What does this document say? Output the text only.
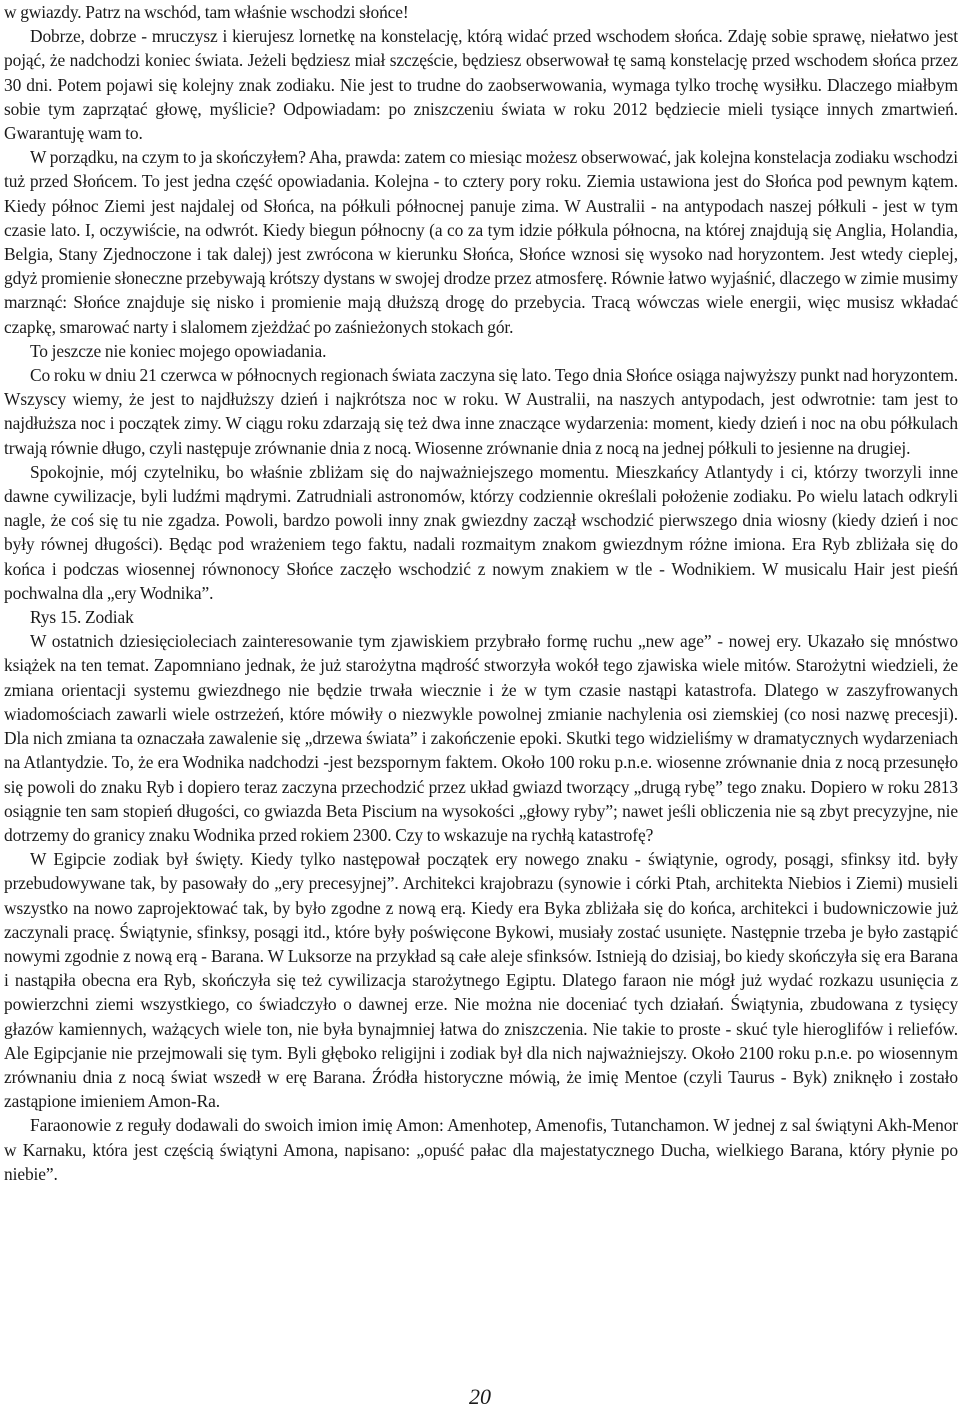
w gwiazdy. Patrz na wschód, tam właśnie wschodzi słońce!

Dobrze, dobrze - mruczysz i kierujesz lornetkę na konstelację, którą widać przed wschodem słońca. Zdaję sobie sprawę, niełatwo jest pojąć, że nadchodzi koniec świata. Jeżeli będziesz miał szczęście, będziesz obserwował tę samą konstelację przed wschodem słońca przez 30 dni. Potem pojawi się kolejny znak zodiaku. Nie jest to trudne do zaobserwowania, wymaga tylko trochę wysiłku. Dlaczego miałbym sobie tym zaprzątać głowę, myślicie? Odpowiadam: po zniszczeniu świata w roku 2012 będziecie mieli tysiące innych zmartwień. Gwarantuję wam to.

W porządku, na czym to ja skończyłem? Aha, prawda: zatem co miesiąc możesz obserwować, jak kolejna konstelacja zodiaku wschodzi tuż przed Słońcem. To jest jedna część opowiadania. Kolejna - to cztery pory roku. Ziemia ustawiona jest do Słońca pod pewnym kątem. Kiedy północ Ziemi jest najdalej od Słońca, na półkuli północnej panuje zima. W Australii - na antypodach naszej półkuli - jest w tym czasie lato. I, oczywiście, na odwrót. Kiedy biegun północny (a co za tym idzie półkula północna, na której znajdują się Anglia, Holandia, Belgia, Stany Zjednoczone i tak dalej) jest zwrócona w kierunku Słońca, Słońce wznosi się wysoko nad horyzontem. Jest wtedy cieplej, gdyż promienie słoneczne przebywają krótszy dystans w swojej drodze przez atmosferę. Równie łatwo wyjaśnić, dlaczego w zimie musimy marznąć: Słońce znajduje się nisko i promienie mają dłuższą drogę do przebycia. Tracą wówczas wiele energii, więc musisz wkładać czapkę, smarować narty i slalomem zjeżdżać po zaśnieżonych stokach gór.

To jeszcze nie koniec mojego opowiadania.

Co roku w dniu 21 czerwca w północnych regionach świata zaczyna się lato. Tego dnia Słońce osiąga najwyższy punkt nad horyzontem. Wszyscy wiemy, że jest to najdłuższy dzień i najkrótsza noc w roku. W Australii, na naszych antypodach, jest odwrotnie: tam jest to najdłuższa noc i początek zimy. W ciągu roku zdarzają się też dwa inne znaczące wydarzenia: moment, kiedy dzień i noc na obu półkulach trwają równie długo, czyli następuje zrównanie dnia z nocą. Wiosenne zrównanie dnia z nocą na jednej półkuli to jesienne na drugiej.

Spokojnie, mój czytelniku, bo właśnie zbliżam się do najważniejszego momentu. Mieszkańcy Atlantydy i ci, którzy tworzyli inne dawne cywilizacje, byli ludźmi mądrymi. Zatrudniali astronomów, którzy codziennie określali położenie zodiaku. Po wielu latach odkryli nagle, że coś się tu nie zgadza. Powoli, bardzo powoli inny znak gwiezdny zaczął wschodzić pierwszego dnia wiosny (kiedy dzień i noc były równej długości). Będąc pod wrażeniem tego faktu, nadali rozmaitym znakom gwiezdnym różne imiona. Era Ryb zbliżała się do końca i podczas wiosennej równonocy Słońce zaczęło wschodzić z nowym znakiem w tle - Wodnikiem. W musicalu Hair jest pieśń pochwalna dla „ery Wodnika”.

Rys 15. Zodiak

W ostatnich dziesięcioleciach zainteresowanie tym zjawiskiem przybrało formę ruchu „new age” - nowej ery. Ukazało się mnóstwo książek na ten temat. Zapomniano jednak, że już starożytna mądrość stworzyła wokół tego zjawiska wiele mitów. Starożytni wiedzieli, że zmiana orientacji systemu gwiezdnego nie będzie trwała wiecznie i że w tym czasie nastąpi katastrofa. Dlatego w zaszyfrowanych wiadomościach zawarli wiele ostrzeżeń, które mówiły o niezwykle powolnej zmianie nachylenia osi ziemskiej (co nosi nazwę precesji). Dla nich zmiana ta oznaczała zawalenie się „drzewa świata” i zakończenie epoki. Skutki tego widzieliśmy w dramatycznych wydarzeniach na Atlantydzie. To, że era Wodnika nadchodzi -jest bezspornym faktem. Około 100 roku p.n.e. wiosenne zrównanie dnia z nocą przesunęło się powoli do znaku Ryb i dopiero teraz zaczyna przechodzić przez układ gwiazd tworzący „drugą rybę” tego znaku. Dopiero w roku 2813 osiągnie ten sam stopień długości, co gwiazda Beta Piscium na wysokości „głowy ryby”; nawet jeśli obliczenia nie są zbyt precyzyjne, nie dotrzemy do granicy znaku Wodnika przed rokiem 2300. Czy to wskazuje na rychłą katastrofę?

W Egipcie zodiak był święty. Kiedy tylko następował początek ery nowego znaku - świątynie, ogrody, posągi, sfinksy itd. były przebudowywane tak, by pasowały do „ery precesyjnej”. Architekci krajobrazu (synowie i córki Ptah, architekta Niebios i Ziemi) musieli wszystko na nowo zaprojektować tak, by było zgodne z nową erą. Kiedy era Byka zbliżała się do końca, architekci i budowniczowie już zaczynali pracę. Świątynie, sfinksy, posągi itd., które były poświęcone Bykowi, musiały zostać usunięte. Następnie trzeba je było zastąpić nowymi zgodnie z nową erą - Barana. W Luksorze na przykład są całe aleje sfinksów. Istnieją do dzisiaj, bo kiedy skończyła się era Barana i nastąpiła obecna era Ryb, skończyła się też cywilizacja starożytnego Egiptu. Dlatego faraon nie mógł już wydać rozkazu usunięcia z powierzchni ziemi wszystkiego, co świadczyło o dawnej erze. Nie można nie doceniać tych działań. Świątynia, zbudowana z tysięcy głazów kamiennych, ważących wiele ton, nie była bynajmniej łatwa do zniszczenia. Nie takie to proste - skuć tyle hieroglifów i reliefów. Ale Egipcjanie nie przejmowali się tym. Byli głęboko religijni i zodiak był dla nich najważniejszy. Około 2100 roku p.n.e. po wiosennym zrównaniu dnia z nocą świat wszedł w erę Barana. Źródła historyczne mówią, że imię Mentoe (czyli Taurus - Byk) zniknęło i zostało zastąpione imieniem Amon-Ra.

Faraonowie z reguły dodawali do swoich imion imię Amon: Amenhotep, Amenofis, Tutanchamon. W jednej z sal świątyni Akh-Menor w Karnaku, która jest częścią świątyni Amona, napisano: „opuść pałac dla majestatycznego Ducha, wielkiego Barana, który płynie po niebie”.

20
